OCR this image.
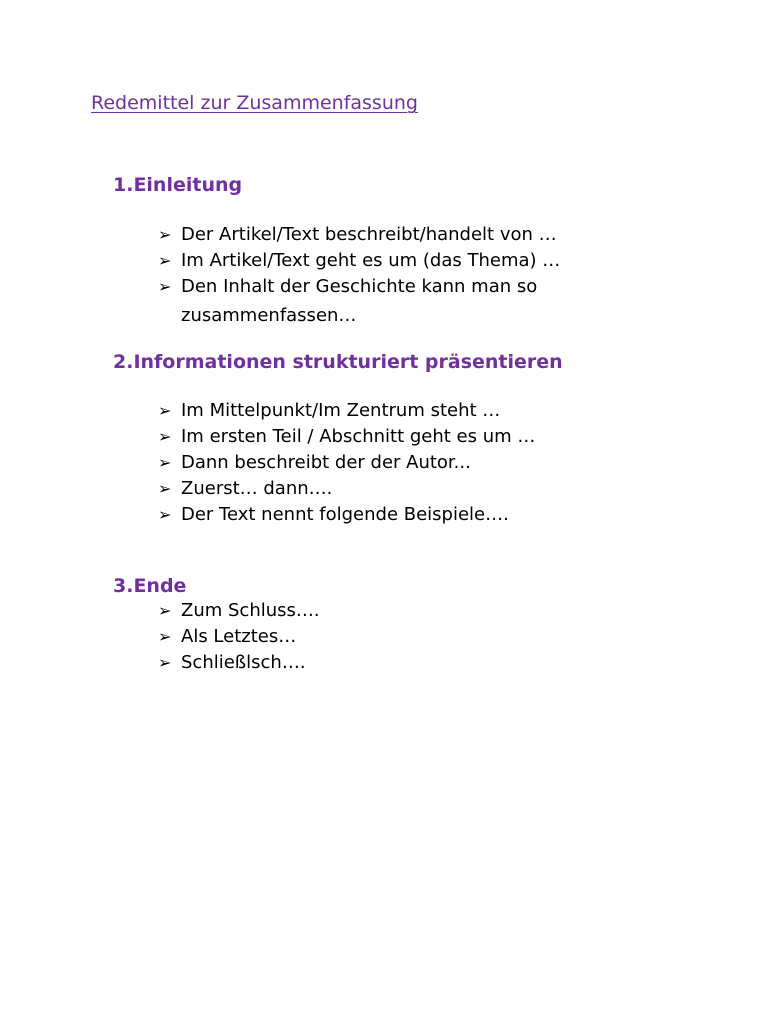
Redemittel zur Zusammenfassung
1.Einleitung
➢ Der Artikel/Text beschreibt/handelt von …
➢ Im Artikel/Text geht es um (das Thema) …
➢ Den Inhalt der Geschichte kann man so
zusammenfassen…
2.Informationen strukturiert präsentieren
➢ Im Mittelpunkt/Im Zentrum steht …
➢ Im ersten Teil / Abschnitt geht es um …
➢ Dann beschreibt der der Autor...
➢ Zuerst… dann….
➢ Der Text nennt folgende Beispiele….
3.Ende
➢ Zum Schluss….
➢ Als Letztes…
➢ Schließlsch….
